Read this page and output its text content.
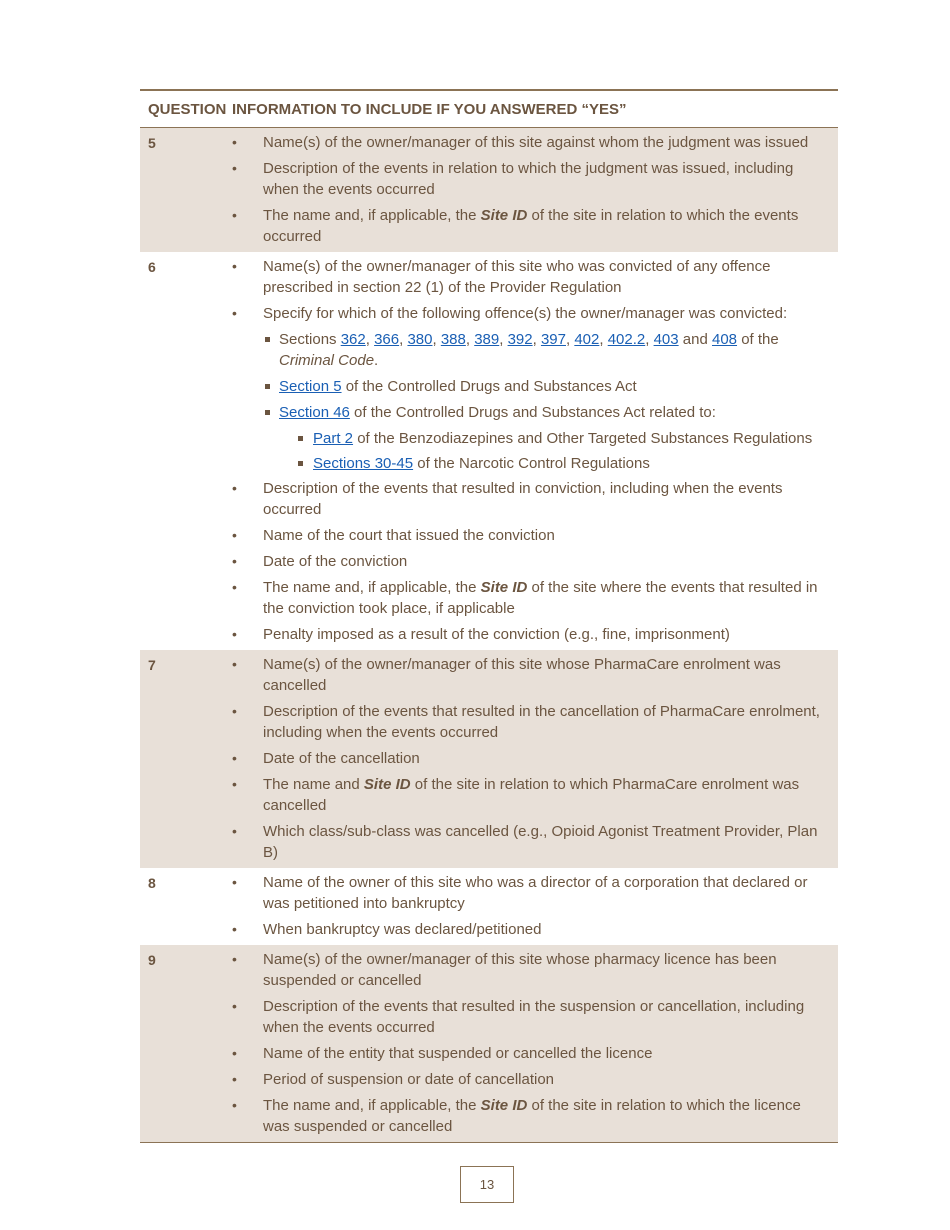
QUESTION INFORMATION TO INCLUDE IF YOU ANSWERED “YES”
5	• Name(s) of the owner/manager of this site against whom the judgment was issued
• Description of the events in relation to which the judgment was issued, including when the events occurred
• The name and, if applicable, the Site ID of the site in relation to which the events occurred
6	• Name(s) of the owner/manager of this site who was convicted of any offence prescribed in section 22 (1) of the Provider Regulation
• Specify for which of the following offence(s) the owner/manager was convicted:
Sections 362, 366, 380, 388, 389, 392, 397, 402, 402.2, 403 and 408 of the Criminal Code.
Section 5 of the Controlled Drugs and Substances Act
Section 46 of the Controlled Drugs and Substances Act related to:
Part 2 of the Benzodiazepines and Other Targeted Substances Regulations
Sections 30-45 of the Narcotic Control Regulations
• Description of the events that resulted in conviction, including when the events occurred
• Name of the court that issued the conviction
• Date of the conviction
• The name and, if applicable, the Site ID of the site where the events that resulted in the conviction took place, if applicable
• Penalty imposed as a result of the conviction (e.g., fine, imprisonment)
7	• Name(s) of the owner/manager of this site whose PharmaCare enrolment was cancelled
• Description of the events that resulted in the cancellation of PharmaCare enrolment, including when the events occurred
• Date of the cancellation
• The name and Site ID of the site in relation to which PharmaCare enrolment was cancelled
• Which class/sub-class was cancelled (e.g., Opioid Agonist Treatment Provider, Plan B)
8	• Name of the owner of this site who was a director of a corporation that declared or was petitioned into bankruptcy
• When bankruptcy was declared/petitioned
9	• Name(s) of the owner/manager of this site whose pharmacy licence has been suspended or cancelled
• Description of the events that resulted in the suspension or cancellation, including when the events occurred
• Name of the entity that suspended or cancelled the licence
• Period of suspension or date of cancellation
• The name and, if applicable, the Site ID of the site in relation to which the licence was suspended or cancelled
13
